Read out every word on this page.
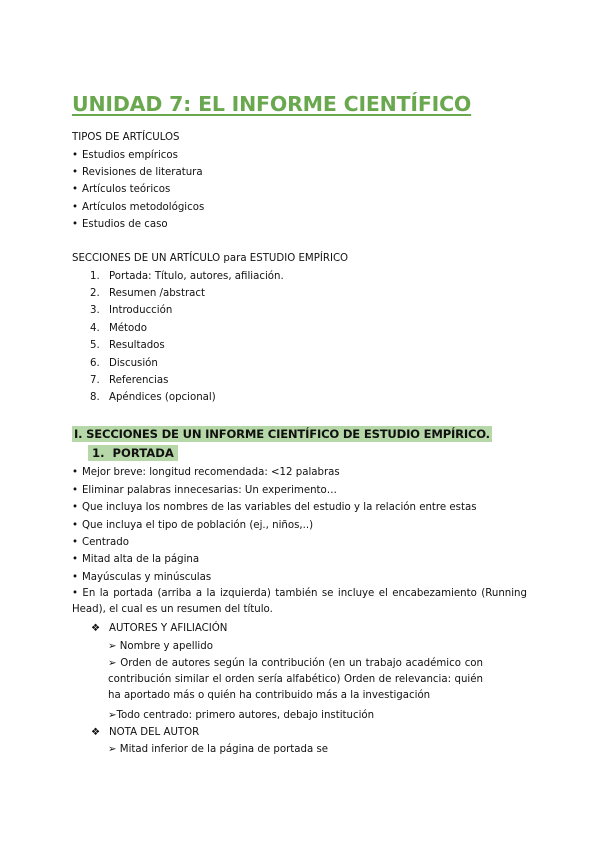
UNIDAD 7: EL INFORME CIENTÍFICO
TIPOS DE ARTÍCULOS
• Estudios empíricos
• Revisiones de literatura
• Artículos teóricos
• Artículos metodológicos
• Estudios de caso
SECCIONES DE UN ARTÍCULO para ESTUDIO EMPÍRICO
1. Portada: Título, autores, afiliación.
2. Resumen /abstract
3. Introducción
4. Método
5. Resultados
6. Discusión
7. Referencias
8. Apéndices (opcional)
I. SECCIONES DE UN INFORME CIENTÍFICO DE ESTUDIO EMPÍRICO.
1. PORTADA
• Mejor breve: longitud recomendada: <12 palabras
• Eliminar palabras innecesarias: Un experimento…
• Que incluya los nombres de las variables del estudio y la relación entre estas
• Que incluya el tipo de población (ej., niños,..)
• Centrado
• Mitad alta de la página
• Mayúsculas y minúsculas
• En la portada (arriba a la izquierda) también se incluye el encabezamiento (Running Head), el cual es un resumen del título.
❖ AUTORES Y AFILIACIÓN
➢ Nombre y apellido
➢ Orden de autores según la contribución (en un trabajo académico con contribución similar el orden sería alfabético) Orden de relevancia: quién ha aportado más o quién ha contribuido más a la investigación
➢Todo centrado: primero autores, debajo institución
❖ NOTA DEL AUTOR
➢ Mitad inferior de la página de portada se
